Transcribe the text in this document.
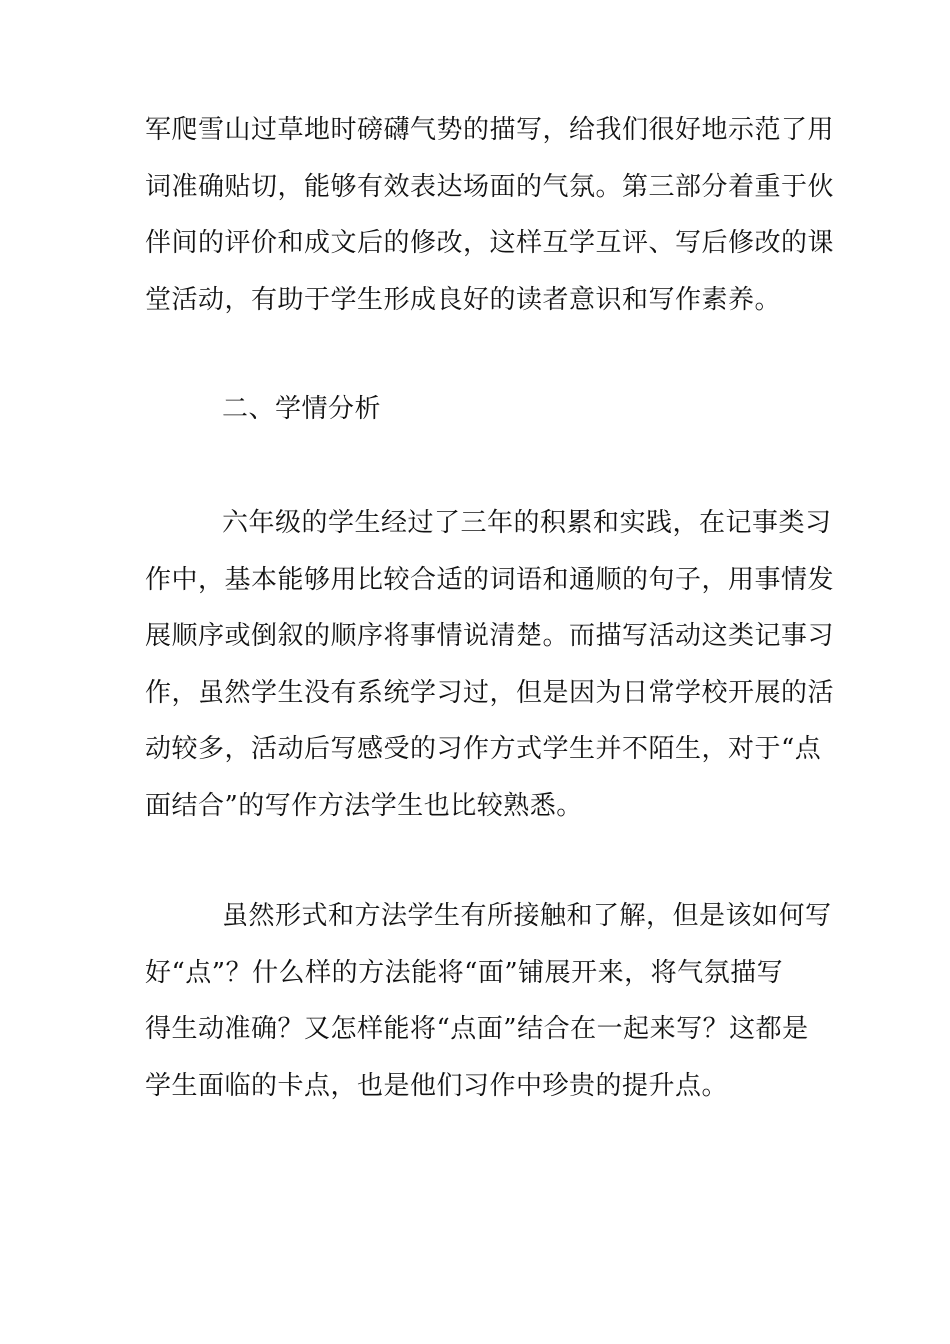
军爬雪山过草地时磅礴气势的描写，给我们很好地示范了用
词准确贴切，能够有效表达场面的气氛。第三部分着重于伙
伴间的评价和成文后的修改，这样互学互评、写后修改的课
堂活动，有助于学生形成良好的读者意识和写作素养。
二、学情分析
六年级的学生经过了三年的积累和实践，在记事类习
作中，基本能够用比较合适的词语和通顺的句子，用事情发
展顺序或倒叙的顺序将事情说清楚。而描写活动这类记事习
作，虽然学生没有系统学习过，但是因为日常学校开展的活
动较多，活动后写感受的习作方式学生并不陌生，对于“点
面结合”的写作方法学生也比较熟悉。
虽然形式和方法学生有所接触和了解，但是该如何写
好“点”？什么样的方法能将“面”铺展开来，将气氛描写
得生动准确？又怎样能将“点面”结合在一起来写？这都是
学生面临的卡点，也是他们习作中珍贵的提升点。
